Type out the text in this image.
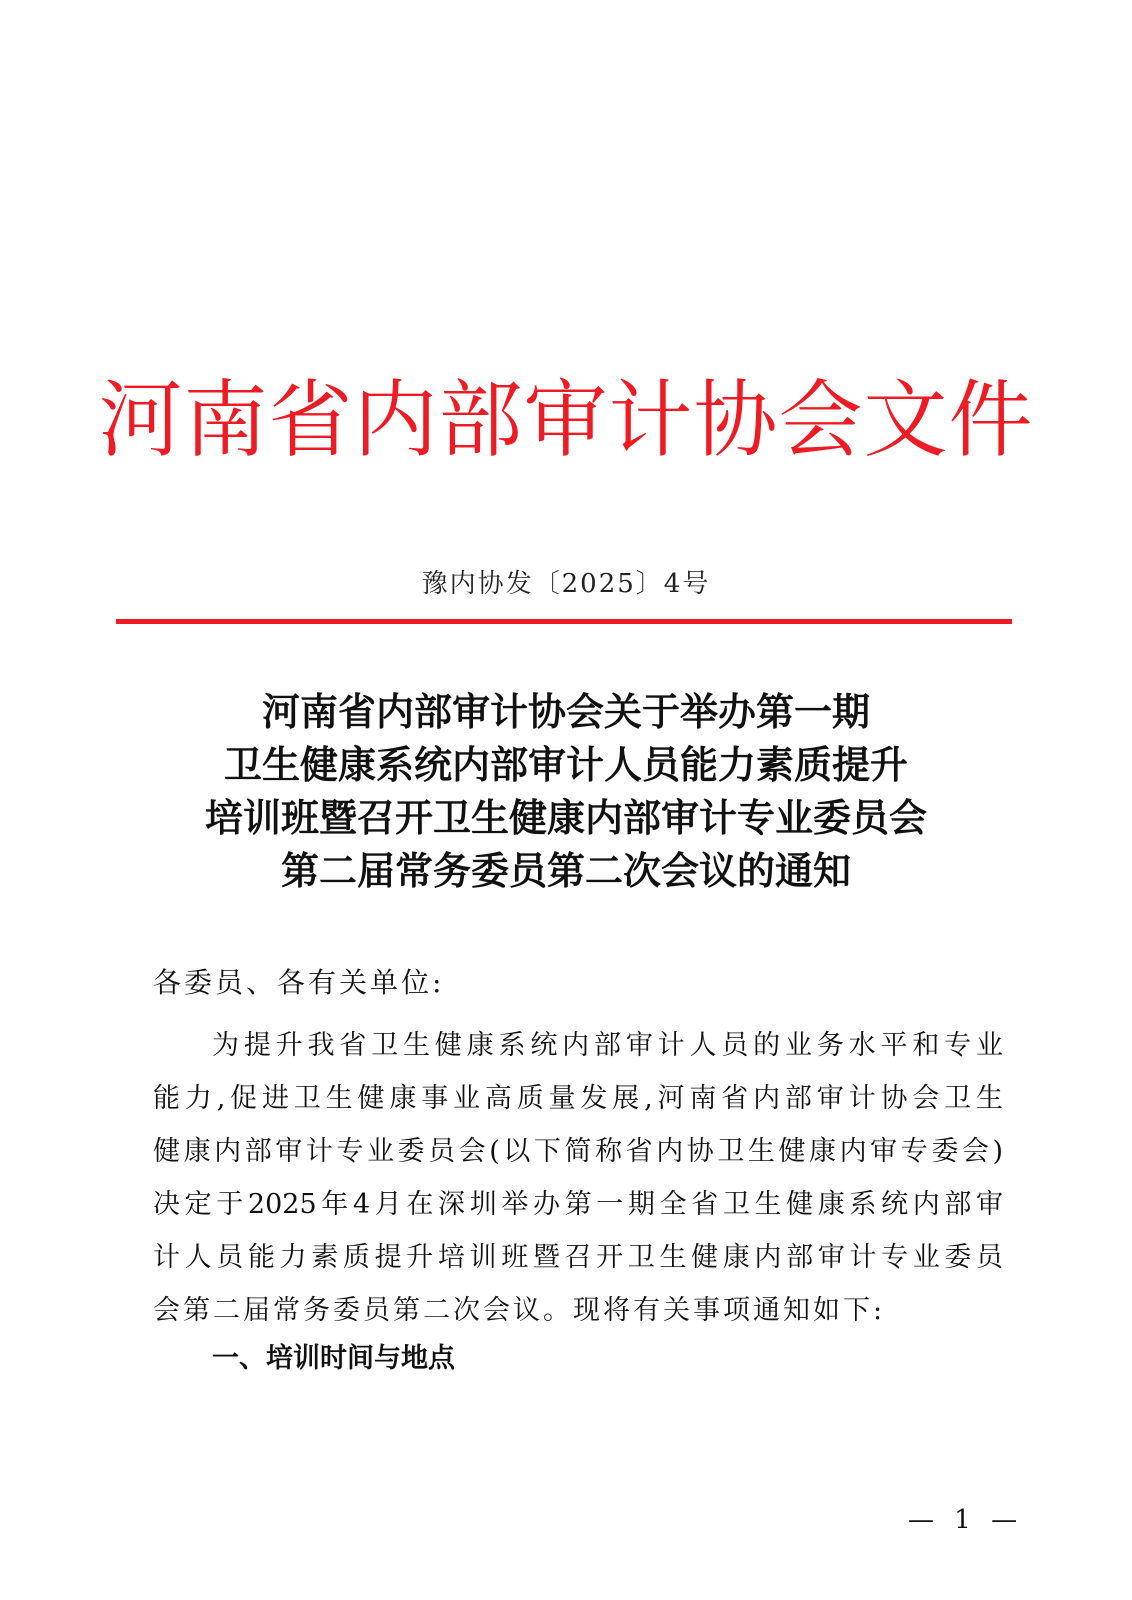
河南省内部审计协会文件
豫内协发〔2025〕4号
河南省内部审计协会关于举办第一期
卫生健康系统内部审计人员能力素质提升
培训班暨召开卫生健康内部审计专业委员会
第二届常务委员第二次会议的通知
各委员、各有关单位:
为提升我省卫生健康系统内部审计人员的业务水平和专业
能力,促进卫生健康事业高质量发展,河南省内部审计协会卫生
健康内部审计专业委员会(以下简称省内协卫生健康内审专委会)
决定于2025年4月在深圳举办第一期全省卫生健康系统内部审
计人员能力素质提升培训班暨召开卫生健康内部审计专业委员
会第二届常务委员第二次会议。现将有关事项通知如下:
一、培训时间与地点
— 1 —
